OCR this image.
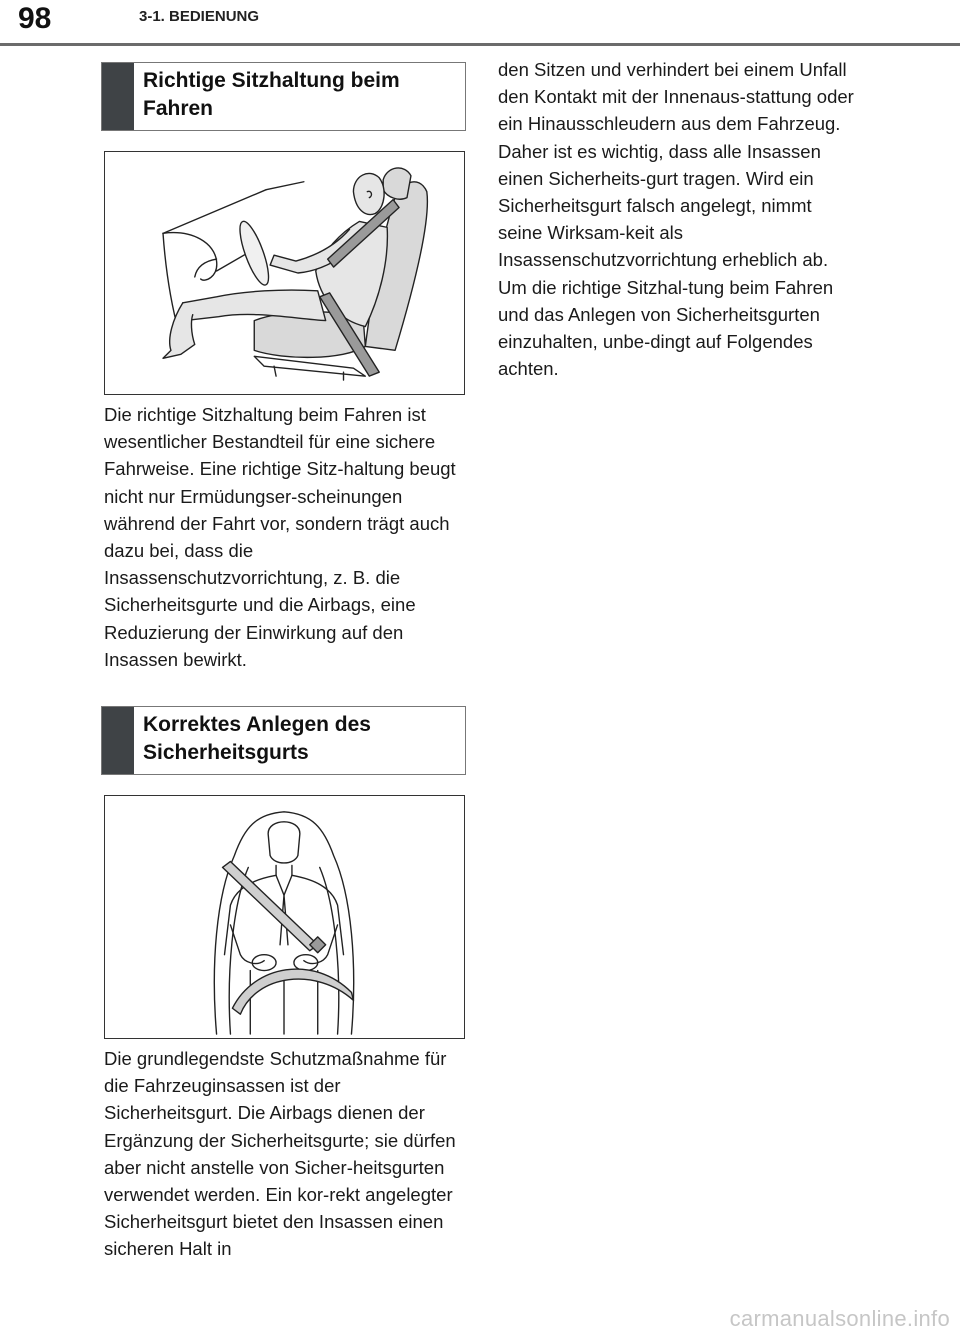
98	3-1. BEDIENUNG
Richtige Sitzhaltung beim Fahren

Die richtige Sitzhaltung beim Fahren ist wesentlicher Bestandteil für eine sichere Fahrweise. Eine richtige Sitz-haltung beugt nicht nur Ermüdungser-scheinungen während der Fahrt vor, sondern trägt auch dazu bei, dass die Insassenschutzvorrichtung, z. B. die Sicherheitsgurte und die Airbags, eine Reduzierung der Einwirkung auf den Insassen bewirkt.

Korrektes Anlegen des Sicherheitsgurts

Die grundlegendste Schutzmaßnahme für die Fahrzeuginsassen ist der Sicherheitsgurt. Die Airbags dienen der Ergänzung der Sicherheitsgurte; sie dürfen aber nicht anstelle von Sicher-heitsgurten verwendet werden. Ein kor-rekt angelegter Sicherheitsgurt bietet den Insassen einen sicheren Halt in

den Sitzen und verhindert bei einem Unfall den Kontakt mit der Innenaus-stattung oder ein Hinausschleudern aus dem Fahrzeug. Daher ist es wichtig, dass alle Insassen einen Sicherheits-gurt tragen. Wird ein Sicherheitsgurt falsch angelegt, nimmt seine Wirksam-keit als Insassenschutzvorrichtung erheblich ab. Um die richtige Sitzhal-tung beim Fahren und das Anlegen von Sicherheitsgurten einzuhalten, unbe-dingt auf Folgendes achten.

carmanualsonline.info
